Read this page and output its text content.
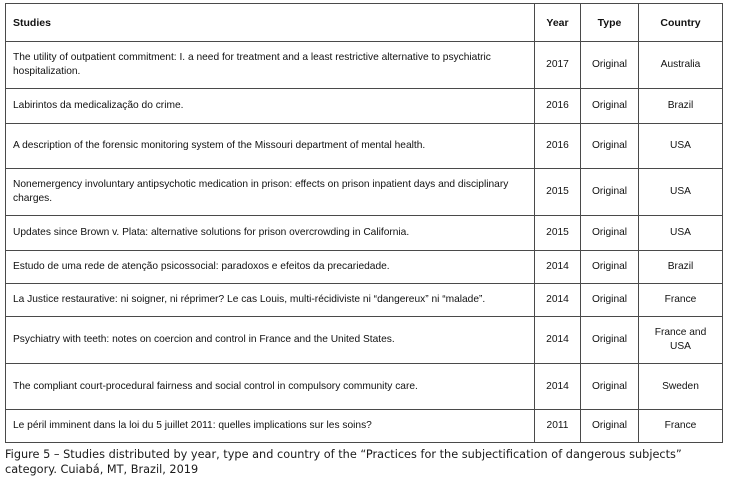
Studies	Year	Type	Country
The utility of outpatient commitment: I. a need for treatment and a least restrictive alternative to psychiatric hospitalization.	2017	Original	Australia
Labirintos da medicalização do crime.	2016	Original	Brazil
A description of the forensic monitoring system of the Missouri department of mental health.	2016	Original	USA
Nonemergency involuntary antipsychotic medication in prison: effects on prison inpatient days and disciplinary charges.	2015	Original	USA
Updates since Brown v. Plata: alternative solutions for prison overcrowding in California.	2015	Original	USA
Estudo de uma rede de atenção psicossocial: paradoxos e efeitos da precariedade.	2014	Original	Brazil
La Justice restaurative: ni soigner, ni réprimer? Le cas Louis, multi-récidiviste ni “dangereux” ni “malade”.	2014	Original	France
Psychiatry with teeth: notes on coercion and control in France and the United States.	2014	Original	France and USA
The compliant court-procedural fairness and social control in compulsory community care.	2014	Original	Sweden
Le péril imminent dans la loi du 5 juillet 2011: quelles implications sur les soins?	2011	Original	France
Figure 5 – Studies distributed by year, type and country of the “Practices for the subjectification of dangerous subjects”
category. Cuiabá, MT, Brazil, 2019
